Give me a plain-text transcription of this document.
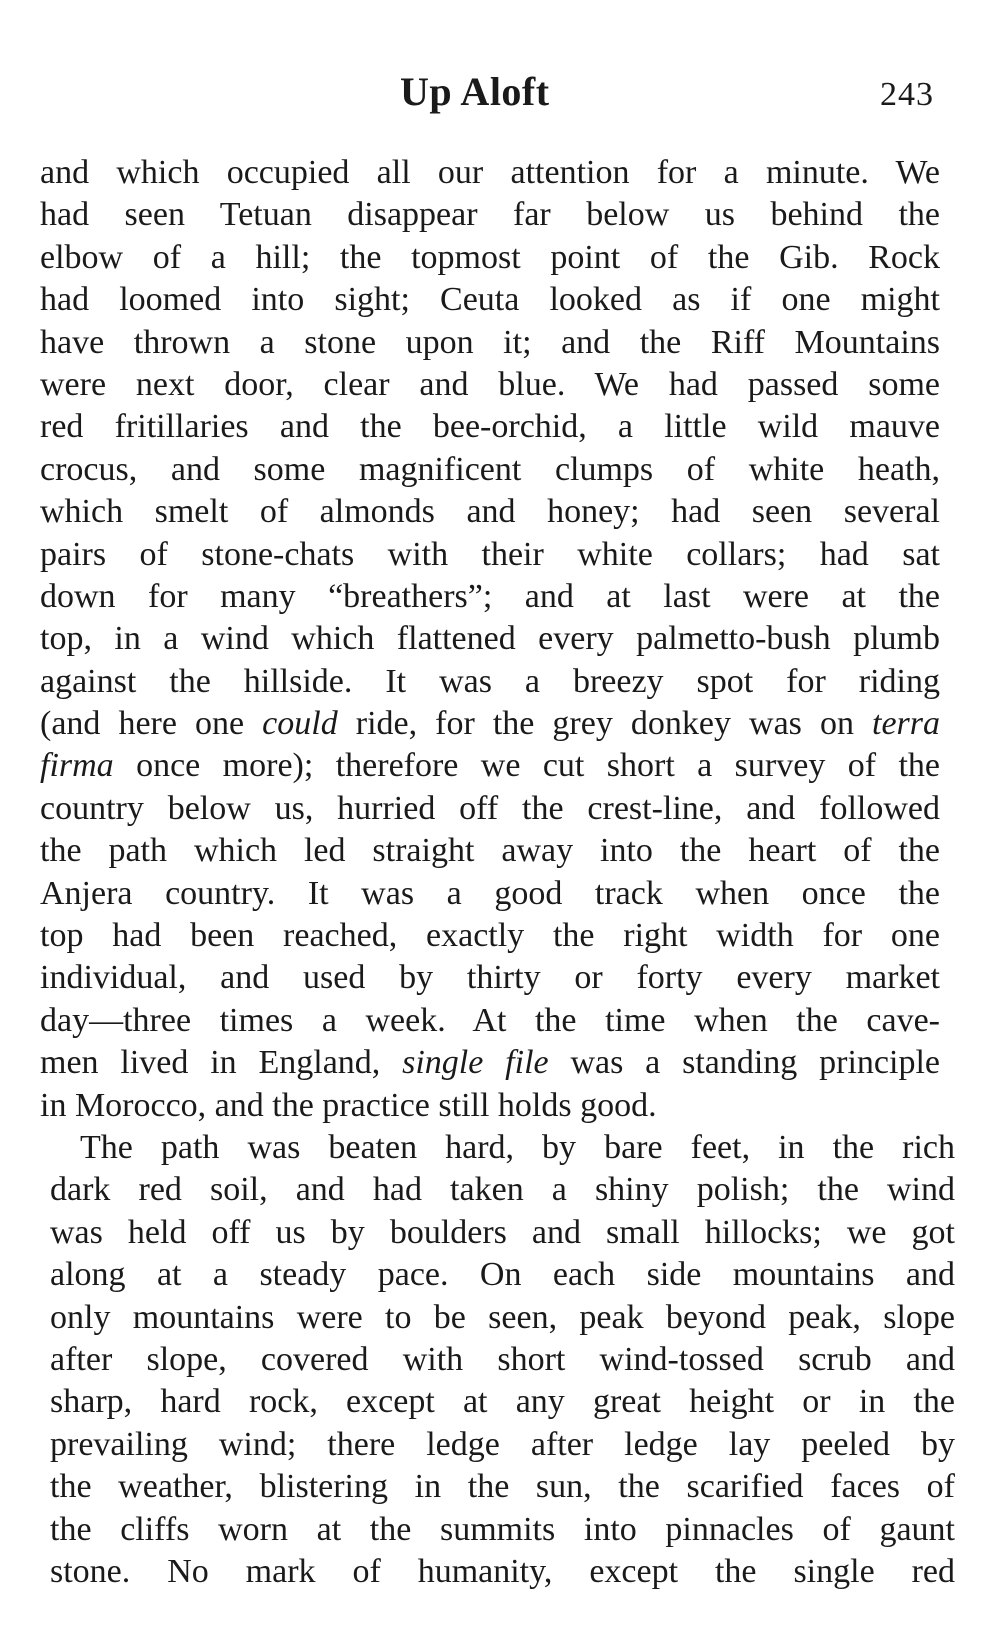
Up Aloft	243
and which occupied all our attention for a minute. We
had seen Tetuan disappear far below us behind the
elbow of a hill; the topmost point of the Gib. Rock
had loomed into sight; Ceuta looked as if one might
have thrown a stone upon it; and the Riff Mountains
were next door, clear and blue. We had passed some
red fritillaries and the bee-orchid, a little wild mauve
crocus, and some magnificent clumps of white heath,
which smelt of almonds and honey; had seen several
pairs of stone-chats with their white collars; had sat
down for many “breathers”; and at last were at the
top, in a wind which flattened every palmetto-bush plumb
against the hillside. It was a breezy spot for riding
(and here one could ride, for the grey donkey was on terra
firma once more); therefore we cut short a survey of the
country below us, hurried off the crest-line, and followed
the path which led straight away into the heart of the
Anjera country. It was a good track when once the
top had been reached, exactly the right width for one
individual, and used by thirty or forty every market
day—three times a week. At the time when the cave-
men lived in England, single file was a standing principle
in Morocco, and the practice still holds good.
The path was beaten hard, by bare feet, in the rich
dark red soil, and had taken a shiny polish; the wind
was held off us by boulders and small hillocks; we got
along at a steady pace. On each side mountains and
only mountains were to be seen, peak beyond peak, slope
after slope, covered with short wind-tossed scrub and
sharp, hard rock, except at any great height or in the
prevailing wind; there ledge after ledge lay peeled by
the weather, blistering in the sun, the scarified faces of
the cliffs worn at the summits into pinnacles of gaunt
stone. No mark of humanity, except the single red
